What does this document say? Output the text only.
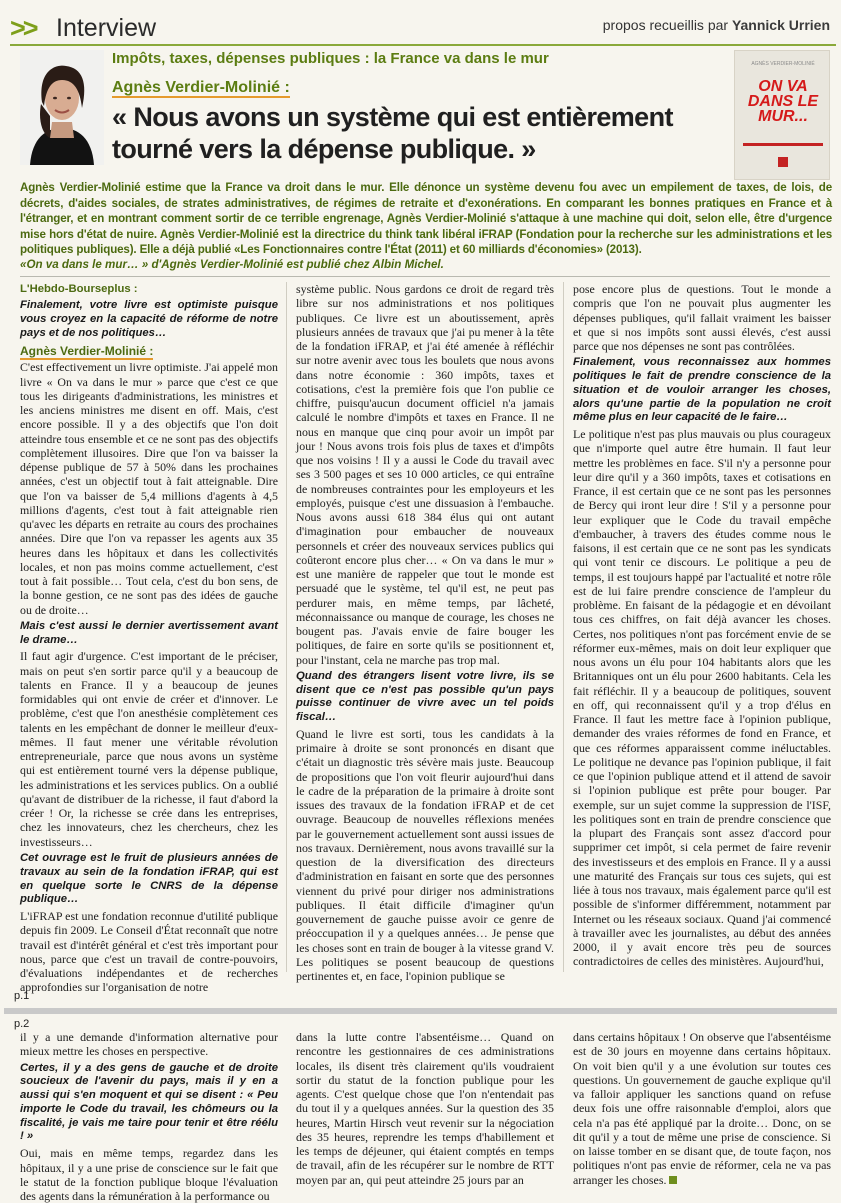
>> Interview	propos recueillis par Yannick Urrien
Impôts, taxes, dépenses publiques : la France va dans le mur
Agnès Verdier-Molinié :
« Nous avons un système qui est entièrement tourné vers la dépense publique. »
AGNÈS VERDIER-MOLINIÉ
ON VA DANS LE MUR...
Agnès Verdier-Molinié estime que la France va droit dans le mur. Elle dénonce un système devenu fou avec un empilement de taxes, de lois, de décrets, d'aides sociales, de strates administratives, de régimes de retraite et d'exonérations. En comparant les bonnes pratiques en France et à l'étranger, et en montrant comment sortir de ce terrible engrenage, Agnès Verdier-Molinié s'attaque à une machine qui doit, selon elle, être d'urgence mise hors d'état de nuire. Agnès Verdier-Molinié est la directrice du think tank libéral iFRAP (Fondation pour la recherche sur les administrations et les politiques publiques). Elle a déjà publié «Les Fonctionnaires contre l'État (2011) et 60 milliards d'économies» (2013).
«On va dans le mur… » d'Agnès Verdier-Molinié est publié chez Albin Michel.

L'Hebdo-Bourseplus :

Finalement, votre livre est optimiste puisque vous croyez en la capacité de réforme de notre pays et de nos politiques…

Agnès Verdier-Molinié :

C'est effectivement un livre optimiste. J'ai appelé mon livre « On va dans le mur » parce que c'est ce que tous les dirigeants d'administrations, les ministres et les anciens ministres me disent en off. Mais, c'est encore possible. Il y a des objectifs que l'on doit atteindre tous ensemble et ce ne sont pas des objectifs complètement illusoires. Dire que l'on va baisser la dépense publique de 57 à 50% dans les prochaines années, c'est un objectif tout à fait atteignable. Dire que l'on va baisser de 5,4 millions d'agents à 4,5 millions d'agents, c'est tout à fait atteignable rien qu'avec les départs en retraite au cours des prochaines années. Dire que l'on va repasser les agents aux 35 heures dans les hôpitaux et dans les collectivités locales, et non pas moins comme actuellement, c'est tout à fait possible… Tout cela, c'est du bon sens, de la bonne gestion, ce ne sont pas des idées de gauche ou de droite…

Mais c'est aussi le dernier avertissement avant le drame…

Il faut agir d'urgence. C'est important de le préciser, mais on peut s'en sortir parce qu'il y a beaucoup de talents en France. Il y a beaucoup de jeunes formidables qui ont envie de créer et d'innover. Le problème, c'est que l'on anesthésie complètement ces talents en les empêchant de donner le meilleur d'eux-mêmes. Il faut mener une véritable révolution entrepreneuriale, parce que nous avons un système qui est entièrement tourné vers la dépense publique, les administrations et les services publics. On a oublié qu'avant de distribuer de la richesse, il faut d'abord la créer ! Or, la richesse se crée dans les entreprises, chez les innovateurs, chez les chercheurs, chez les investisseurs…

Cet ouvrage est le fruit de plusieurs années de travaux au sein de la fondation iFRAP, qui est en quelque sorte le CNRS de la dépense publique…

L'iFRAP est une fondation reconnue d'utilité publique depuis fin 2009. Le Conseil d'État reconnaît que notre travail est d'intérêt général et c'est très important pour nous, parce que c'est un travail de contre-pouvoirs, d'évaluations indépendantes et de recherches approfondies sur l'organisation de notre

système public. Nous gardons ce droit de regard très libre sur nos administrations et nos politiques publiques. Ce livre est un aboutissement, après plusieurs années de travaux que j'ai pu mener à la tête de la fondation iFRAP, et j'ai été amenée à réfléchir sur notre avenir avec tous les boulets que nous avons dans notre économie : 360 impôts, taxes et cotisations, c'est la première fois que l'on publie ce chiffre, puisqu'aucun document officiel n'a jamais calculé le nombre d'impôts et taxes en France. Il ne nous en manque que cinq pour avoir un impôt par jour ! Nous avons trois fois plus de taxes et d'impôts que nos voisins ! Il y a aussi le Code du travail avec ses 3 500 pages et ses 10 000 articles, ce qui entraîne de nombreuses contraintes pour les employeurs et les employés, puisque c'est une dissuasion à l'embauche. Nous avons aussi 618 384 élus qui ont autant d'imagination pour embaucher de nouveaux personnels et créer des nouveaux services publics qui coûteront encore plus cher… « On va dans le mur » est une manière de rappeler que tout le monde est persuadé que le système, tel qu'il est, ne peut pas perdurer mais, en même temps, par lâcheté, méconnaissance ou manque de courage, les choses ne bougent pas. J'avais envie de faire bouger les politiques, de faire en sorte qu'ils se positionnent et, pour l'instant, cela ne marche pas trop mal.

Quand des étrangers lisent votre livre, ils se disent que ce n'est pas possible qu'un pays puisse continuer de vivre avec un tel poids fiscal…

Quand le livre est sorti, tous les candidats à la primaire à droite se sont prononcés en disant que c'était un diagnostic très sévère mais juste. Beaucoup de propositions que l'on voit fleurir aujourd'hui dans le cadre de la préparation de la primaire à droite sont issues des travaux de la fondation iFRAP et de cet ouvrage. Beaucoup de nouvelles réflexions menées par le gouvernement actuellement sont aussi issues de nos travaux. Dernièrement, nous avons travaillé sur la question de la diversification des directeurs d'administration en faisant en sorte que des personnes viennent du privé pour diriger nos administrations publiques. Il était difficile d'imaginer qu'un gouvernement de gauche puisse avoir ce genre de préoccupation il y a quelques années… Je pense que les choses sont en train de bouger à la vitesse grand V. Les politiques se posent beaucoup de questions pertinentes et, en face, l'opinion publique se

pose encore plus de questions. Tout le monde a compris que l'on ne pouvait plus augmenter les dépenses publiques, qu'il fallait vraiment les baisser et que si nos impôts sont aussi élevés, c'est aussi parce que nos dépenses ne sont pas contrôlées.

Finalement, vous reconnaissez aux hommes politiques le fait de prendre conscience de la situation et de vouloir arranger les choses, alors qu'une partie de la population ne croit même plus en leur capacité de le faire…

Le politique n'est pas plus mauvais ou plus courageux que n'importe quel autre être humain. Il faut leur mettre les problèmes en face. S'il n'y a personne pour leur dire qu'il y a 360 impôts, taxes et cotisations en France, il est certain que ce ne sont pas les personnes de Bercy qui iront leur dire ! S'il y a personne pour leur expliquer que le Code du travail empêche d'embaucher, à travers des études comme nous le faisons, il est certain que ce ne sont pas les syndicats qui vont tenir ce discours. Le politique a peu de temps, il est toujours happé par l'actualité et notre rôle est de lui faire prendre conscience de l'ampleur du problème. En faisant de la pédagogie et en dévoilant tous ces chiffres, on fait déjà avancer les choses. Certes, nos politiques n'ont pas forcément envie de se réformer eux-mêmes, mais on doit leur expliquer que nous avons un élu pour 104 habitants alors que les Britanniques ont un élu pour 2600 habitants. Cela les fait réfléchir. Il y a beaucoup de politiques, souvent en off, qui reconnaissent qu'il y a trop d'élus en France. Il faut les mettre face à l'opinion publique, demander des vraies réformes de fond en France, et que ces réformes apparaissent comme inéluctables. Le politique ne devance pas l'opinion publique, il fait ce que l'opinion publique attend et il attend de savoir si l'opinion publique est prête pour bouger. Par exemple, sur un sujet comme la suppression de l'ISF, les politiques sont en train de prendre conscience que la plupart des Français sont assez d'accord pour supprimer cet impôt, si cela permet de faire revenir des investisseurs et des emplois en France. Il y a aussi une maturité des Français sur tous ces sujets, qui est liée à tous nos travaux, mais également parce qu'il est possible de s'informer différemment, notamment par Internet ou les réseaux sociaux. Quand j'ai commencé à travailler avec les journalistes, au début des années 2000, il y avait encore très peu de sources contradictoires de celles des ministères. Aujourd'hui,

p.1
p.2

il y a une demande d'information alternative pour mieux mettre les choses en perspective.

Certes, il y a des gens de gauche et de droite soucieux de l'avenir du pays, mais il y en a aussi qui s'en moquent et qui se disent : « Peu importe le Code du travail, les chômeurs ou la fiscalité, je vais me taire pour tenir et être réélu ! »

Oui, mais en même temps, regardez dans les hôpitaux, il y a une prise de conscience sur le fait que le statut de la fonction publique bloque l'évaluation des agents dans la rémunération à la performance ou

dans la lutte contre l'absentéisme… Quand on rencontre les gestionnaires de ces administrations locales, ils disent très clairement qu'ils voudraient sortir du statut de la fonction publique pour les agents. C'est quelque chose que l'on n'entendait pas du tout il y a quelques années. Sur la question des 35 heures, Martin Hirsch veut revenir sur la négociation des 35 heures, reprendre les temps d'habillement et les temps de déjeuner, qui étaient comptés en temps de travail, afin de les récupérer sur le nombre de RTT moyen par an, qui peut atteindre 25 jours par an

dans certains hôpitaux ! On observe que l'absentéisme est de 30 jours en moyenne dans certains hôpitaux. On voit bien qu'il y a une évolution sur toutes ces questions. Un gouvernement de gauche explique qu'il va falloir appliquer les sanctions quand on refuse deux fois une offre raisonnable d'emploi, alors que cela n'a pas été appliqué par la droite… Donc, on se dit qu'il y a tout de même une prise de conscience. Si on laisse tomber en se disant que, de toute façon, nos politiques n'ont pas envie de réformer, cela ne va pas arranger les choses.
